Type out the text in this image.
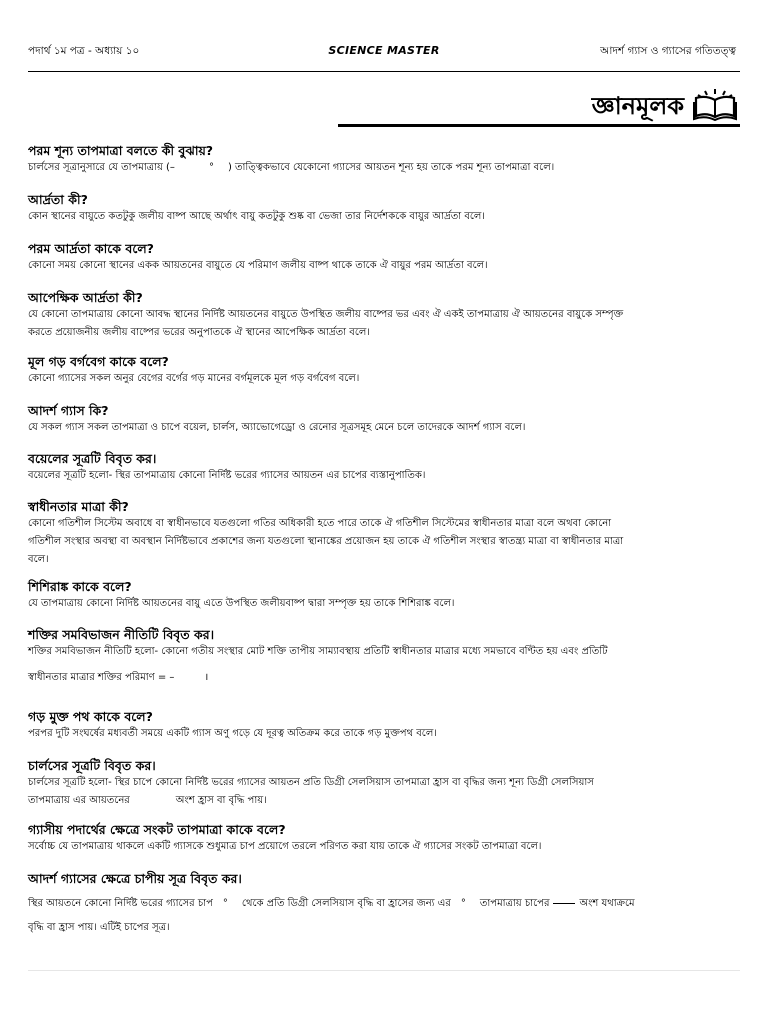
পদার্থ ১ম পত্র - অধ্যায় ১০	SCIENCE MASTER	আদর্শ গ্যাস ও গ্যাসের গতিতত্ত্ব
জ্ঞানমূলক

পরম শূন্য তাপমাত্রা বলতে কী বুঝায়?

চার্লসের সূত্রানুসারে যে তাপমাত্রায় (–	° ) তাত্ত্বিকভাবে যেকোনো গ্যাসের আয়তন শূন্য হয় তাকে পরম শূন্য তাপমাত্রা বলে।

আর্দ্রতা কী?

কোন স্থানের বায়ুতে কতটুকু জলীয় বাষ্প আছে অর্থাৎ বায়ু কতটুকু শুষ্ক বা ভেজা তার নির্দেশককে বায়ুর আর্দ্রতা বলে।

পরম আর্দ্রতা কাকে বলে?

কোনো সময় কোনো স্থানের একক আয়তনের বায়ুতে যে পরিমাণ জলীয় বাষ্প থাকে তাকে ঐ বায়ুর পরম আর্দ্রতা বলে।

আপেক্ষিক আর্দ্রতা কী?

যে কোনো তাপমাত্রায় কোনো আবদ্ধ স্থানের নির্দিষ্ট আয়তনের বায়ুতে উপস্থিত জলীয় বাষ্পের ভর এবং ঐ একই তাপমাত্রায় ঐ আয়তনের বায়ুকে সম্পৃক্ত

করতে প্রয়োজনীয় জলীয় বাষ্পের ভরের অনুপাতকে ঐ স্থানের আপেক্ষিক আর্দ্রতা বলে।

মূল গড় বর্গবেগ কাকে বলে?

কোনো গ্যাসের সকল অনুর বেগের বর্গের গড় মানের বর্গমূলকে মূল গড় বর্গবেগ বলে।

আদর্শ গ্যাস কি?

যে সকল গ্যাস সকল তাপমাত্রা ও চাপে বয়েল, চার্লস, অ্যাভোগেড্রো ও রেনোর সূত্রসমূহ মেনে চলে তাদেরকে আদর্শ গ্যাস বলে।

বয়েলের সূত্রটি বিবৃত কর।

বয়েলের সূত্রটি হলো- স্থির তাপমাত্রায় কোনো নির্দিষ্ট ভরের গ্যাসের আয়তন এর চাপের ব্যস্তানুপাতিক।

স্বাধীনতার মাত্রা কী?

কোনো গতিশীল সিস্টেম অবাধে বা স্বাধীনভাবে যতগুলো গতির অধিকারী হতে পারে তাকে ঐ গতিশীল সিস্টেমের স্বাধীনতার মাত্রা বলে অথবা কোনো

গতিশীল সংস্থার অবস্থা বা অবস্থান নির্দিষ্টভাবে প্রকাশের জন্য যতগুলো স্থানাঙ্কের প্রয়োজন হয় তাকে ঐ গতিশীল সংস্থার স্বাতন্ত্র্য মাত্রা বা স্বাধীনতার মাত্রা

বলে।

শিশিরাঙ্ক কাকে বলে?

যে তাপমাত্রায় কোনো নির্দিষ্ট আয়তনের বায়ু এতে উপস্থিত জলীয়বাষ্প দ্বারা সম্পৃক্ত হয় তাকে শিশিরাঙ্ক বলে।

শক্তির সমবিভাজন নীতিটি বিবৃত কর।

শক্তির সমবিভাজন নীতিটি হলো- কোনো গতীয় সংস্থার মোট শক্তি তাপীয় সাম্যাবস্থায় প্রতিটি স্বাধীনতার মাত্রার মধ্যে সমভাবে বণ্টিত হয় এবং প্রতিটি

স্বাধীনতার মাত্রার শক্তির পরিমাণ = –	।

গড় মুক্ত পথ কাকে বলে?

পরপর দুটি সংঘর্ষের মধ্যবর্তী সময়ে একটি গ্যাস অণু গড়ে যে দূরত্ব অতিক্রম করে তাকে গড় মুক্তপথ বলে।

চার্লসের সূত্রটি বিবৃত কর।

চার্লসের সূত্রটি হলো- স্থির চাপে কোনো নির্দিষ্ট ভরের গ্যাসের আয়তন প্রতি ডিগ্রী সেলসিয়াস তাপমাত্রা হ্রাস বা বৃদ্ধির জন্য শূন্য ডিগ্রী সেলসিয়াস

তাপমাত্রায় এর আয়তনের	অংশ হ্রাস বা বৃদ্ধি পায়।

গ্যাসীয় পদার্থের ক্ষেত্রে সংকট তাপমাত্রা কাকে বলে?

সর্বোচ্চ যে তাপমাত্রায় থাকলে একটি গ্যাসকে শুধুমাত্র চাপ প্রয়োগে তরলে পরিণত করা যায় তাকে ঐ গ্যাসের সংকট তাপমাত্রা বলে।

আদর্শ গ্যাসের ক্ষেত্রে চাপীয় সূত্র বিবৃত কর।

স্থির আয়তনে কোনো নির্দিষ্ট ভরের গ্যাসের চাপ ° থেকে প্রতি ডিগ্রী সেলসিয়াস বৃদ্ধি বা হ্রাসের জন্য এর ° তাপমাত্রায় চাপের	অংশ যথাক্রমে

বৃদ্ধি বা হ্রাস পায়। এটিই চাপের সূত্র।
